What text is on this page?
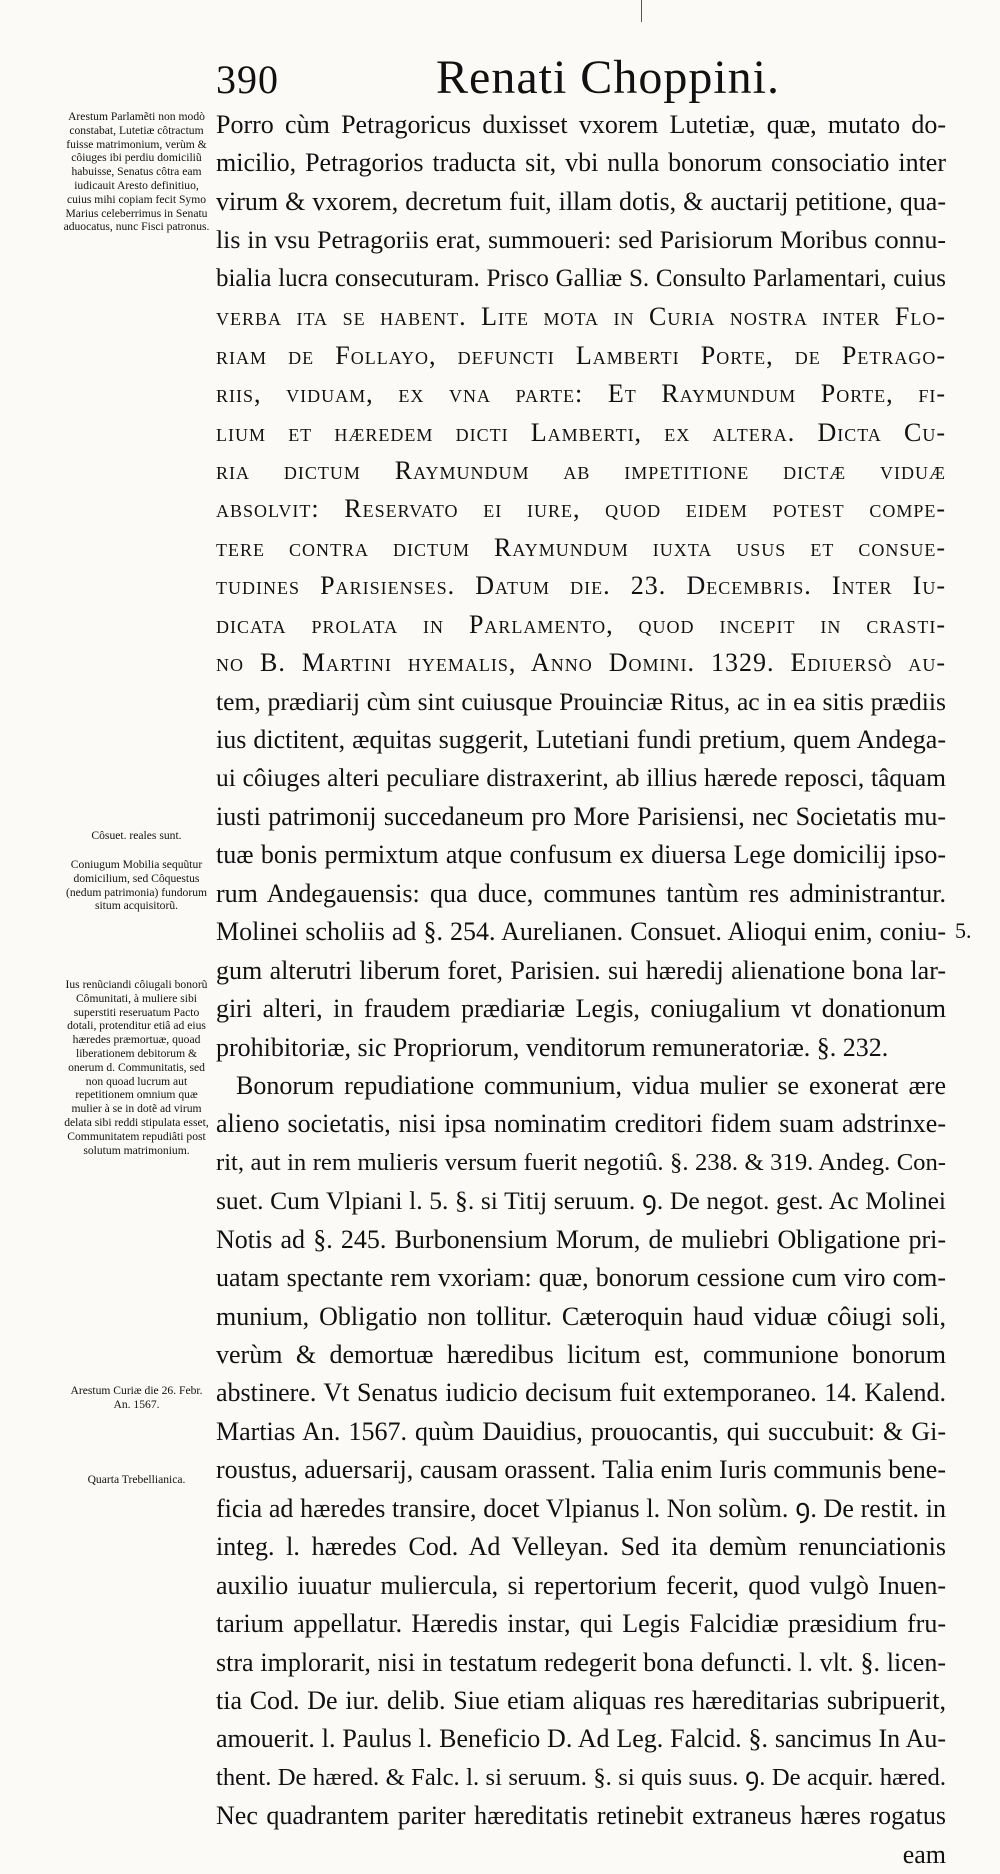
390	Renati Choppini.
Arestum Parlamẽti non modò constabat, Lutetiæ côtractum fuisse matrimonium, verùm & côiuges ibi perdiu domiciliũ habuisse, Senatus côtra eam iudicauit Aresto definitiuo, cuius mihi copiam fecit Symo Marius celeberrimus in Senatu aduocatus, nunc Fisci patronus.
Côsuet. reales sunt.
Coniugum Mobilia sequũtur domicilium, sed Côquestus (nedum patrimonia) fundorum situm acquisitorũ.
Ius renũciandi côiugali bonorũ Cômunitati, à muliere sibi superstiti reseruatum Pacto dotali, protenditur etiâ ad eius hæredes præmortuæ, quoad liberationem debitorum & onerum d. Communitatis, sed non quoad lucrum aut repetitionem omnium quæ mulier à se in dotẽ ad virum delata sibi reddi stipulata esset, Communitatem repudiâti post solutum matrimonium.
Arestum Curiæ die 26. Febr. An. 1567.
Quarta Trebellianica.
5.
Porro cùm Petragoricus duxisset vxorem Lutetiæ, quæ, mutato do-
micilio, Petragorios traducta sit, vbi nulla bonorum consociatio inter
virum & vxorem, decretum fuit, illam dotis, & auctarij petitione, qua-
lis in vsu Petragoriis erat, summoueri: sed Parisiorum Moribus connu-
bialia lucra consecuturam. Prisco Galliæ S. Consulto Parlamentari, cuius
verba ita se habent. Lite mota in Curia nostra inter Flo-
riam de Follayo, defuncti Lamberti Porte, de Petrago-
riis, viduam, ex vna parte: Et Raymundum Porte, fi-
lium et hæredem dicti Lamberti, ex altera. Dicta Cu-
ria dictum Raymundum ab impetitione dictæ viduæ
absolvit: Reservato ei iure, quod eidem potest compe-
tere contra dictum Raymundum iuxta usus et consue-
tudines Parisienses. Datum die. 23. Decembris. Inter Iu-
dicata prolata in Parlamento, quod incepit in crasti-
no B. Martini hyemalis, Anno Domini. 1329. Ediuersò au-
tem, prædiarij cùm sint cuiusque Prouinciæ Ritus, ac in ea sitis prædiis
ius dictitent, æquitas suggerit, Lutetiani fundi pretium, quem Andega-
ui côiuges alteri peculiare distraxerint, ab illius hærede reposci, tâquam
iusti patrimonij succedaneum pro More Parisiensi, nec Societatis mu-
tuæ bonis permixtum atque confusum ex diuersa Lege domicilij ipso-
rum Andegauensis: qua duce, communes tantùm res administrantur.
Molinei scholiis ad §. 254. Aurelianen. Consuet. Alioqui enim, coniu-
gum alterutri liberum foret, Parisien. sui hæredij alienatione bona lar-
giri alteri, in fraudem prædiariæ Legis, coniugalium vt donationum
prohibitoriæ, sic Propriorum, venditorum remuneratoriæ. §. 232.
Bonorum repudiatione communium, vidua mulier se exonerat ære
alieno societatis, nisi ipsa nominatim creditori fidem suam adstrinxe-
rit, aut in rem mulieris versum fuerit negotiû. §. 238. & 319. Andeg. Con-
suet. Cum Vlpiani l. 5. §. si Titij seruum. ꝯ. De negot. gest. Ac Molinei
Notis ad §. 245. Burbonensium Morum, de muliebri Obligatione pri-
uatam spectante rem vxoriam: quæ, bonorum cessione cum viro com-
munium, Obligatio non tollitur. Cæteroquin haud viduæ côiugi soli,
verùm & demortuæ hæredibus licitum est, communione bonorum
abstinere. Vt Senatus iudicio decisum fuit extemporaneo. 14. Kalend.
Martias An. 1567. quùm Dauidius, prouocantis, qui succubuit: & Gi-
roustus, aduersarij, causam orassent. Talia enim Iuris communis bene-
ficia ad hæredes transire, docet Vlpianus l. Non solùm. ꝯ. De restit. in
integ. l. hæredes Cod. Ad Velleyan. Sed ita demùm renunciationis
auxilio iuuatur muliercula, si repertorium fecerit, quod vulgò Inuen-
tarium appellatur. Hæredis instar, qui Legis Falcidiæ præsidium fru-
stra implorarit, nisi in testatum redegerit bona defuncti. l. vlt. §. licen-
tia Cod. De iur. delib. Siue etiam aliquas res hæreditarias subripuerit,
amouerit. l. Paulus l. Beneficio D. Ad Leg. Falcid. §. sancimus In Au-
thent. De hæred. & Falc. l. si seruum. §. si quis suus. ꝯ. De acquir. hæred.
Nec quadrantem pariter hæreditatis retinebit extraneus hæres rogatus
eam
